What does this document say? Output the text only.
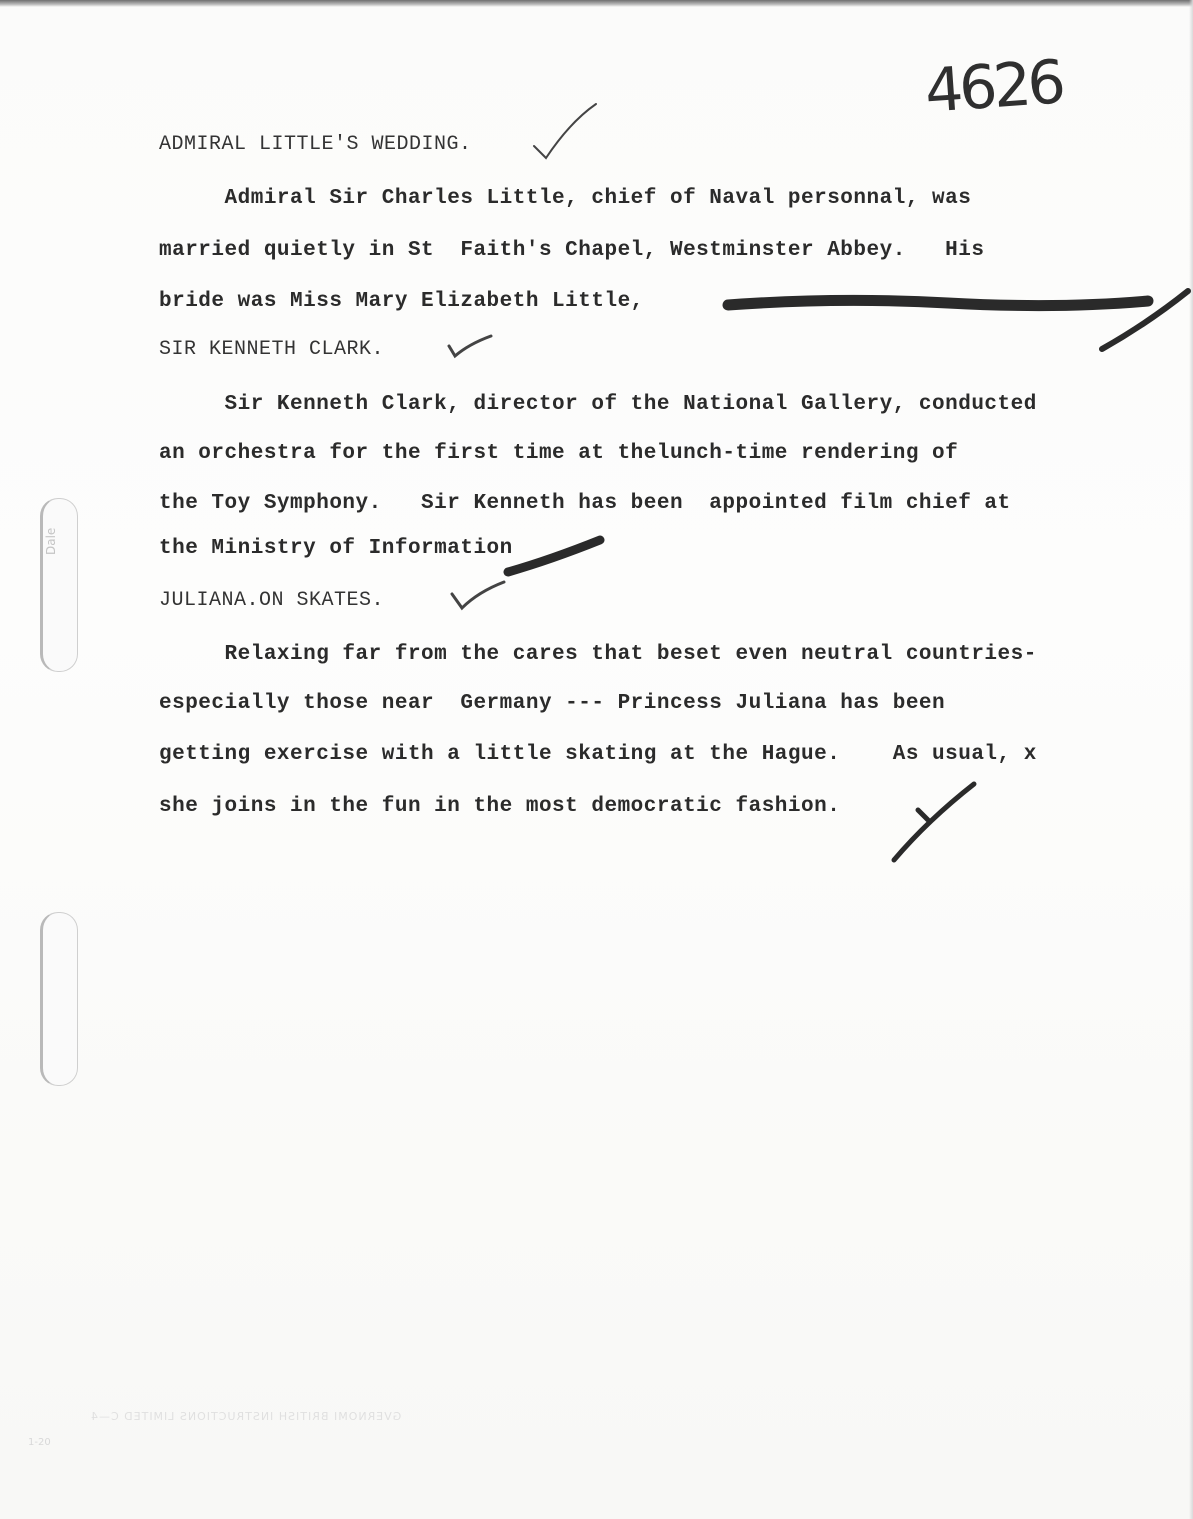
4626

ADMIRAL LITTLE'S WEDDING.

Admiral Sir Charles Little, chief of Naval personnal, was

married quietly in St  Faith's Chapel, Westminster Abbey.   His

bride was Miss Mary Elizabeth Little,

SIR KENNETH CLARK.

Sir Kenneth Clark, director of the National Gallery, conducted

an orchestra for the first time at thelunch-time rendering of

the Toy Symphony.   Sir Kenneth has been  appointed film chief at

the Ministry of Information

JULIANA.ON SKATES.

Relaxing far from the cares that beset even neutral countries-

especially those near  Germany --- Princess Juliana has been

getting exercise with a little skating at the Hague.    As usual, x

she joins in the fun in the most democratic fashion.

Dale

GVERNOMI BRITISH INSTRUCTIONS LIMITED C—4

1-20
